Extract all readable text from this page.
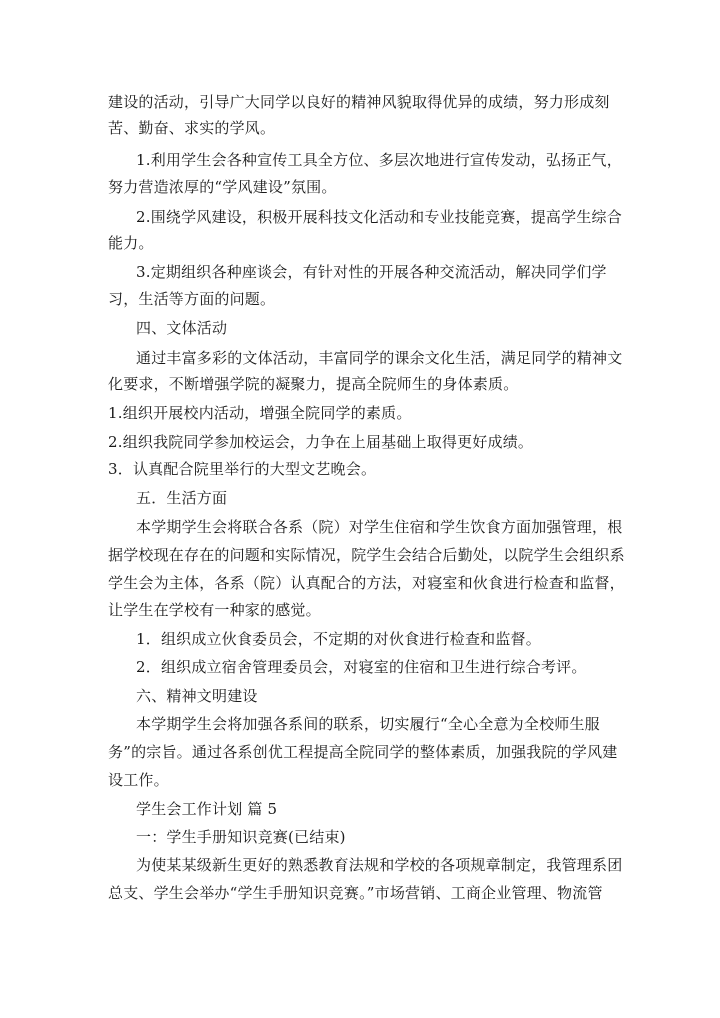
建设的活动，引导广大同学以良好的精神风貌取得优异的成绩，努力形成刻

苦、勤奋、求实的学风。

1.利用学生会各种宣传工具全方位、多层次地进行宣传发动，弘扬正气，

努力营造浓厚的“学风建设”氛围。

2.围绕学风建设，积极开展科技文化活动和专业技能竞赛，提高学生综合

能力。

3.定期组织各种座谈会，有针对性的开展各种交流活动，解决同学们学

习，生活等方面的问题。

四、文体活动

通过丰富多彩的文体活动，丰富同学的课余文化生活，满足同学的精神文

化要求，不断增强学院的凝聚力，提高全院师生的身体素质。

1.组织开展校内活动，增强全院同学的素质。

2.组织我院同学参加校运会，力争在上届基础上取得更好成绩。

3．认真配合院里举行的大型文艺晚会。

五．生活方面

本学期学生会将联合各系（院）对学生住宿和学生饮食方面加强管理，根

据学校现在存在的问题和实际情况，院学生会结合后勤处，以院学生会组织系

学生会为主体，各系（院）认真配合的方法，对寝室和伙食进行检查和监督，

让学生在学校有一种家的感觉。

1．组织成立伙食委员会，不定期的对伙食进行检查和监督。

2．组织成立宿舍管理委员会，对寝室的住宿和卫生进行综合考评。

六、精神文明建设

本学期学生会将加强各系间的联系，切实履行“全心全意为全校师生服

务”的宗旨。通过各系创优工程提高全院同学的整体素质，加强我院的学风建

设工作。

学生会工作计划 篇 5

一：学生手册知识竞赛(已结束)

为使某某级新生更好的熟悉教育法规和学校的各项规章制定，我管理系团

总支、学生会举办“学生手册知识竞赛。”市场营销、工商企业管理、物流管
